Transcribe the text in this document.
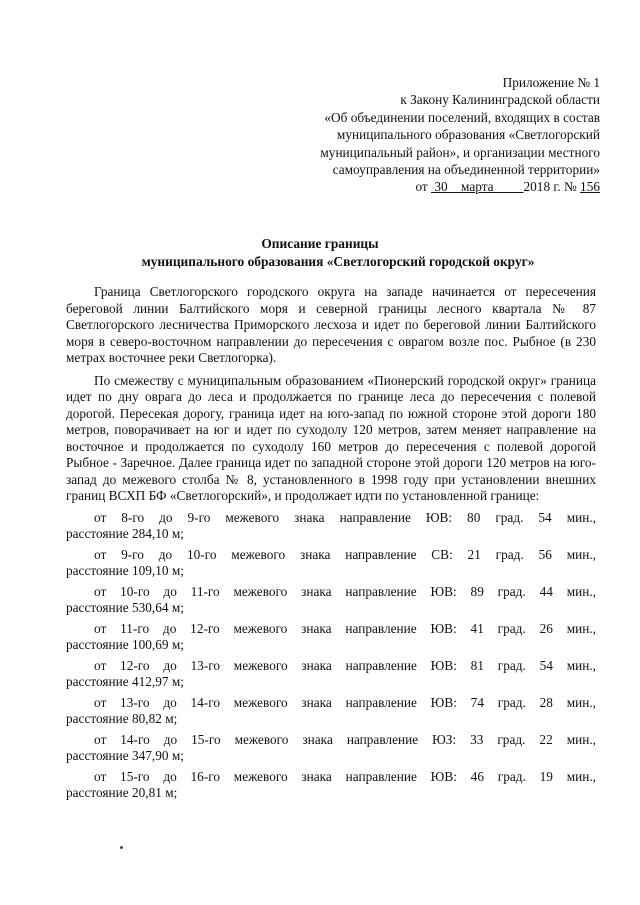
Приложение № 1
к Закону Калининградской области
«Об объединении поселений, входящих в состав
муниципального образования «Светлогорский
муниципальный район», и организации местного
самоуправления на объединенной территории»
от 30 марта 2018 г. № 156
Описание границы
муниципального образования «Светлогорский городской округ»

Граница Светлогорского городского округа на западе начинается от пересечения береговой линии Балтийского моря и северной границы лесного квартала № 87 Светлогорского лесничества Приморского лесхоза и идет по береговой линии Балтийского моря в северо-восточном направлении до пересечения с оврагом возле пос. Рыбное (в 230 метрах восточнее реки Светлогорка).

По смежеству с муниципальным образованием «Пионерский городской округ» граница идет по дну оврага до леса и продолжается по границе леса до пересечения с полевой дорогой. Пересекая дорогу, граница идет на юго-запад по южной стороне этой дороги 180 метров, поворачивает на юг и идет по суходолу 120 метров, затем меняет направление на восточное и продолжается по суходолу 160 метров до пересечения с полевой дорогой Рыбное - Заречное. Далее граница идет по западной стороне этой дороги 120 метров на юго-запад до межевого столба № 8, установленного в 1998 году при установлении внешних границ ВСХП БФ «Светлогорский», и продолжает идти по установленной границе:

от 8-го до 9-го межевого знака направление ЮВ: 80 град. 54 мин.,
расстояние 284,10 м;
от 9-го до 10-го межевого знака направление СВ: 21 град. 56 мин.,
расстояние 109,10 м;
от 10-го до 11-го межевого знака направление ЮВ: 89 град. 44 мин.,
расстояние 530,64 м;
от 11-го до 12-го межевого знака направление ЮВ: 41 град. 26 мин.,
расстояние 100,69 м;
от 12-го до 13-го межевого знака направление ЮВ: 81 град. 54 мин.,
расстояние 412,97 м;
от 13-го до 14-го межевого знака направление ЮВ: 74 град. 28 мин.,
расстояние 80,82 м;
от 14-го до 15-го межевого знака направление ЮЗ: 33 град. 22 мин.,
расстояние 347,90 м;
от 15-го до 16-го межевого знака направление ЮВ: 46 град. 19 мин.,
расстояние 20,81 м;
